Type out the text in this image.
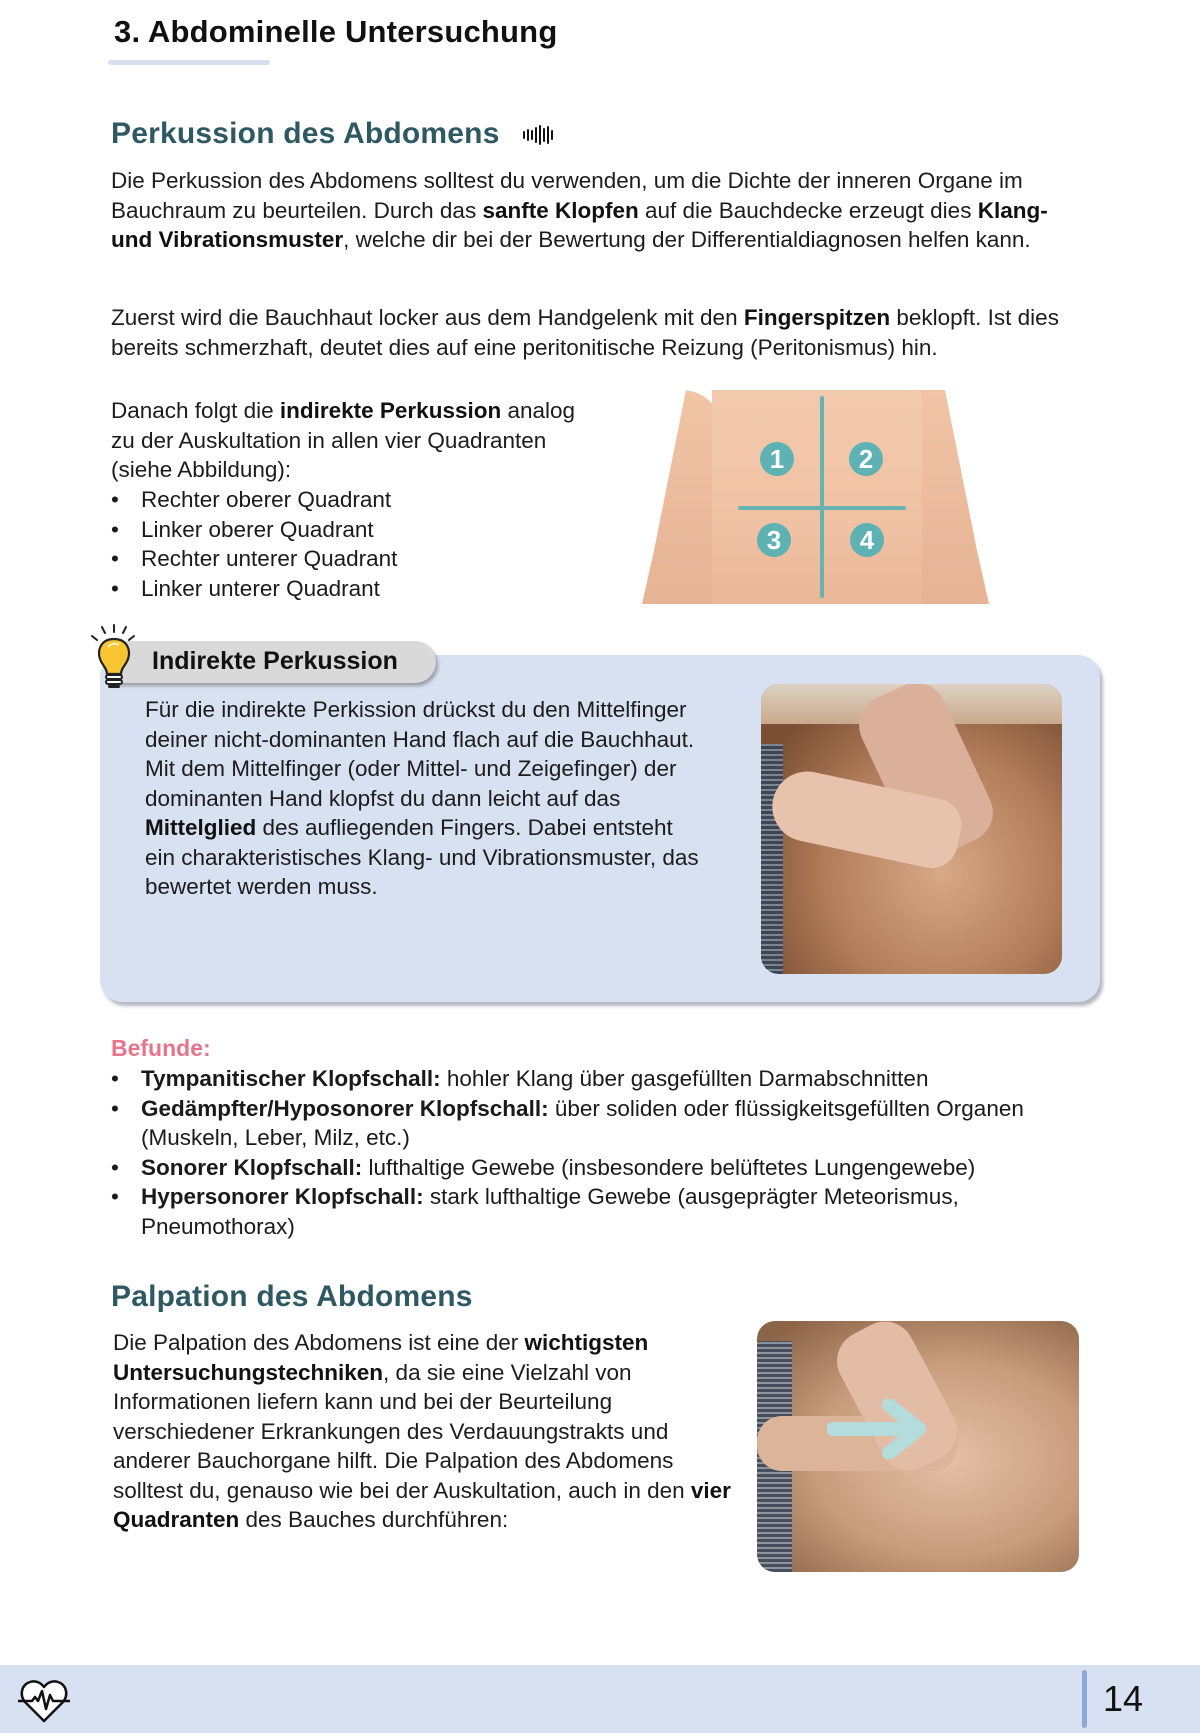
3. Abdominelle Untersuchung
Perkussion des Abdomens

Die Perkussion des Abdomens solltest du verwenden, um die Dichte der inneren Organe im Bauchraum zu beurteilen. Durch das sanfte Klopfen auf die Bauchdecke erzeugt dies Klang- und Vibrationsmuster, welche dir bei der Bewertung der Differentialdiagnosen helfen kann.

Zuerst wird die Bauchhaut locker aus dem Handgelenk mit den Fingerspitzen beklopft. Ist dies bereits schmerzhaft, deutet dies auf eine peritonitische Reizung (Peritonismus) hin.

Danach folgt die indirekte Perkussion analog zu der Auskultation in allen vier Quadranten (siehe Abbildung):

• Rechter oberer Quadrant
• Linker oberer Quadrant
• Rechter unterer Quadrant
• Linker unterer Quadrant
1	2
3	4
Indirekte Perkussion

Für die indirekte Perkission drückst du den Mittelfinger deiner nicht-dominanten Hand flach auf die Bauchhaut. Mit dem Mittelfinger (oder Mittel- und Zeigefinger) der dominanten Hand klopfst du dann leicht auf das Mittelglied des aufliegenden Fingers. Dabei entsteht ein charakteristisches Klang- und Vibrationsmuster, das bewertet werden muss.

Befunde:
• Tympanitischer Klopfschall: hohler Klang über gasgefüllten Darmabschnitten
• Gedämpfter/Hyposonorer Klopfschall: über soliden oder flüssigkeitsgefüllten Organen (Muskeln, Leber, Milz, etc.)
• Sonorer Klopfschall: lufthaltige Gewebe (insbesondere belüftetes Lungengewebe)
• Hypersonorer Klopfschall: stark lufthaltige Gewebe (ausgeprägter Meteorismus, Pneumothorax)
Palpation des Abdomens

Die Palpation des Abdomens ist eine der wichtigsten Untersuchungstechniken, da sie eine Vielzahl von Informationen liefern kann und bei der Beurteilung verschiedener Erkrankungen des Verdauungstrakts und anderer Bauchorgane hilft. Die Palpation des Abdomens solltest du, genauso wie bei der Auskultation, auch in den vier Quadranten des Bauches durchführen:

14
